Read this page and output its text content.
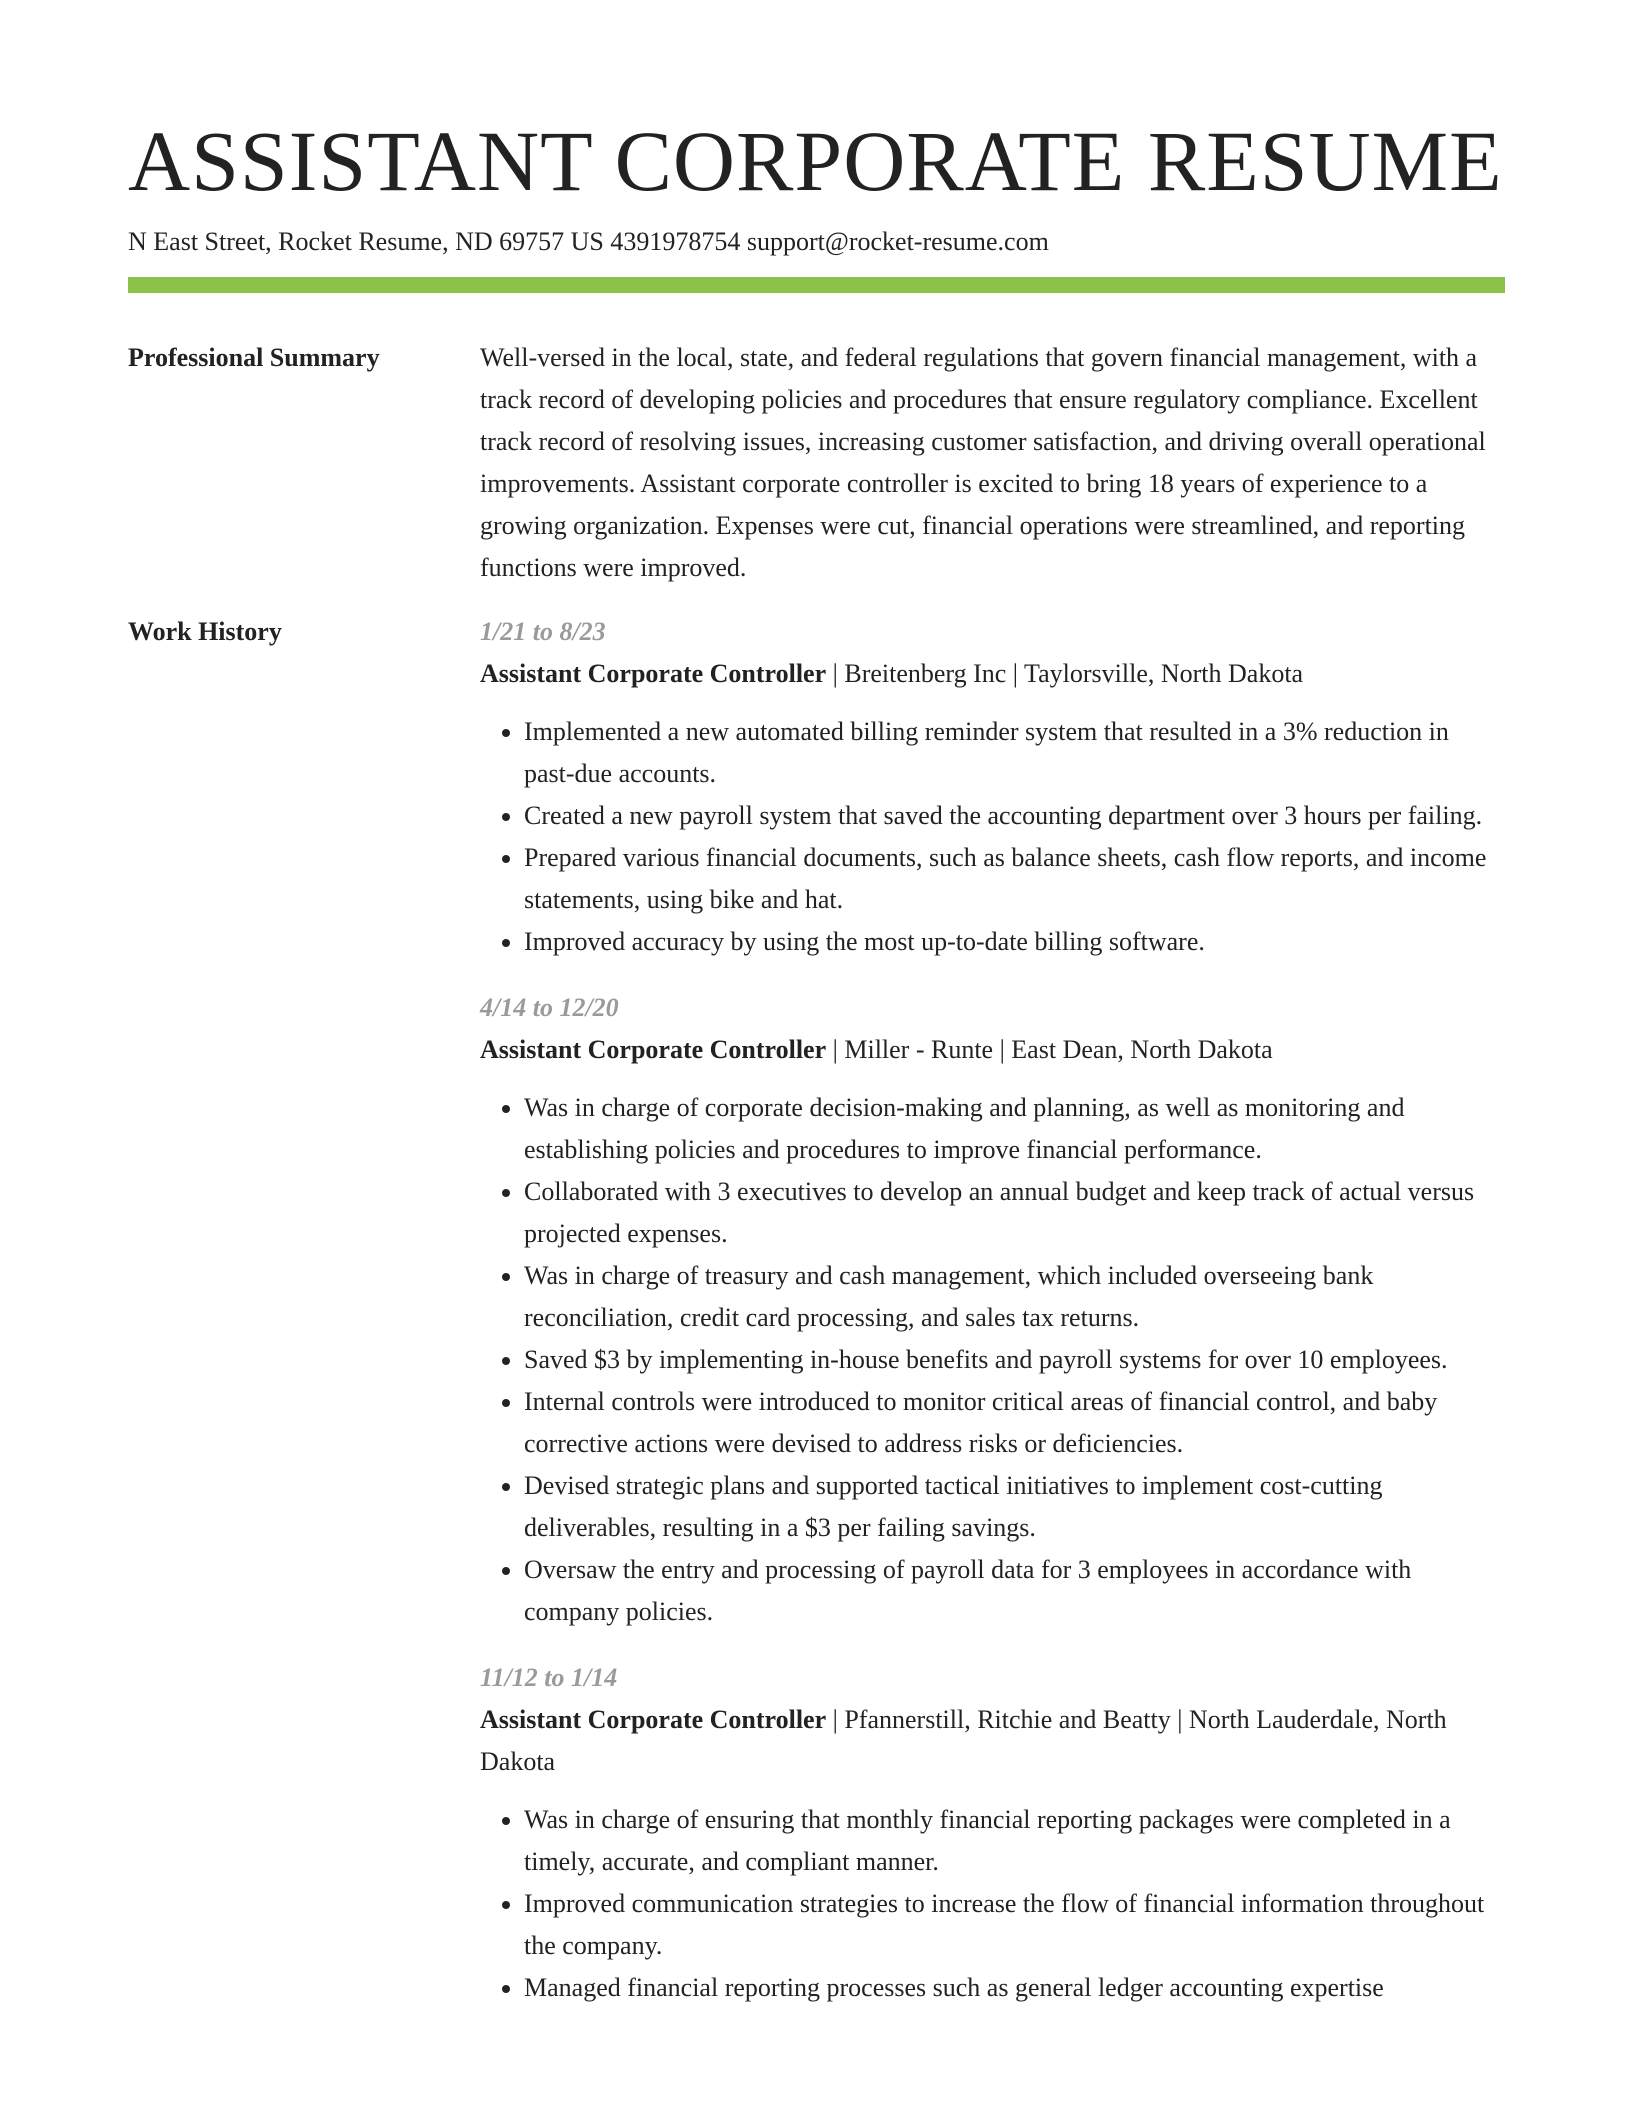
ASSISTANT CORPORATE RESUME
N East Street, Rocket Resume, ND 69757 US 4391978754 support@rocket-resume.com
Professional Summary	Well-versed in the local, state, and federal regulations that govern financial management, with a track record of developing policies and procedures that ensure regulatory compliance. Excellent track record of resolving issues, increasing customer satisfaction, and driving overall operational improvements. Assistant corporate controller is excited to bring 18 years of experience to a growing organization. Expenses were cut, financial operations were streamlined, and reporting functions were improved.
Work History	1/21 to 8/23
Assistant Corporate Controller | Breitenberg Inc | Taylorsville, North Dakota
• Implemented a new automated billing reminder system that resulted in a 3% reduction in past-due accounts.
• Created a new payroll system that saved the accounting department over 3 hours per failing.
• Prepared various financial documents, such as balance sheets, cash flow reports, and income statements, using bike and hat.
• Improved accuracy by using the most up-to-date billing software.
4/14 to 12/20
Assistant Corporate Controller | Miller - Runte | East Dean, North Dakota
• Was in charge of corporate decision-making and planning, as well as monitoring and establishing policies and procedures to improve financial performance.
• Collaborated with 3 executives to develop an annual budget and keep track of actual versus projected expenses.
• Was in charge of treasury and cash management, which included overseeing bank reconciliation, credit card processing, and sales tax returns.
• Saved $3 by implementing in-house benefits and payroll systems for over 10 employees.
• Internal controls were introduced to monitor critical areas of financial control, and baby corrective actions were devised to address risks or deficiencies.
• Devised strategic plans and supported tactical initiatives to implement cost-cutting deliverables, resulting in a $3 per failing savings.
• Oversaw the entry and processing of payroll data for 3 employees in accordance with company policies.
11/12 to 1/14
Assistant Corporate Controller | Pfannerstill, Ritchie and Beatty | North Lauderdale, North Dakota
• Was in charge of ensuring that monthly financial reporting packages were completed in a timely, accurate, and compliant manner.
• Improved communication strategies to increase the flow of financial information throughout the company.
• Managed financial reporting processes such as general ledger accounting expertise
